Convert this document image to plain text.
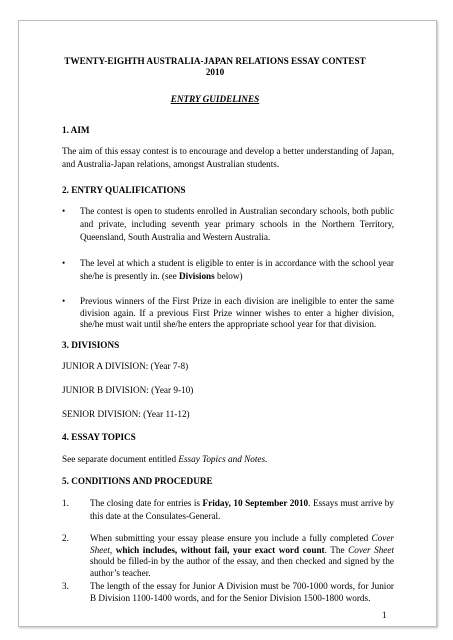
TWENTY-EIGHTH AUSTRALIA-JAPAN RELATIONS ESSAY CONTEST
2010
ENTRY GUIDELINES
1. AIM
The aim of this essay contest is to encourage and develop a better understanding of Japan, and Australia-Japan relations, amongst Australian students.
2. ENTRY QUALIFICATIONS
•	The contest is open to students enrolled in Australian secondary schools, both public and private, including seventh year primary schools in the Northern Territory, Queensland, South Australia and Western Australia.
•	The level at which a student is eligible to enter is in accordance with the school year she/he is presently in. (see Divisions below)
•	Previous winners of the First Prize in each division are ineligible to enter the same division again. If a previous First Prize winner wishes to enter a higher division, she/he must wait until she/he enters the appropriate school year for that division.
3. DIVISIONS
JUNIOR A DIVISION: (Year 7-8)
JUNIOR B DIVISION: (Year 9-10)
SENIOR DIVISION: (Year 11-12)
4. ESSAY TOPICS
See separate document entitled Essay Topics and Notes.
5. CONDITIONS AND PROCEDURE
1.	The closing date for entries is Friday, 10 September 2010. Essays must arrive by this date at the Consulates-General.
2.	When submitting your essay please ensure you include a fully completed Cover Sheet, which includes, without fail, your exact word count. The Cover Sheet should be filled-in by the author of the essay, and then checked and signed by the author’s teacher.
3.	The length of the essay for Junior A Division must be 700-1000 words, for Junior B Division 1100-1400 words, and for the Senior Division 1500-1800 words.
1
